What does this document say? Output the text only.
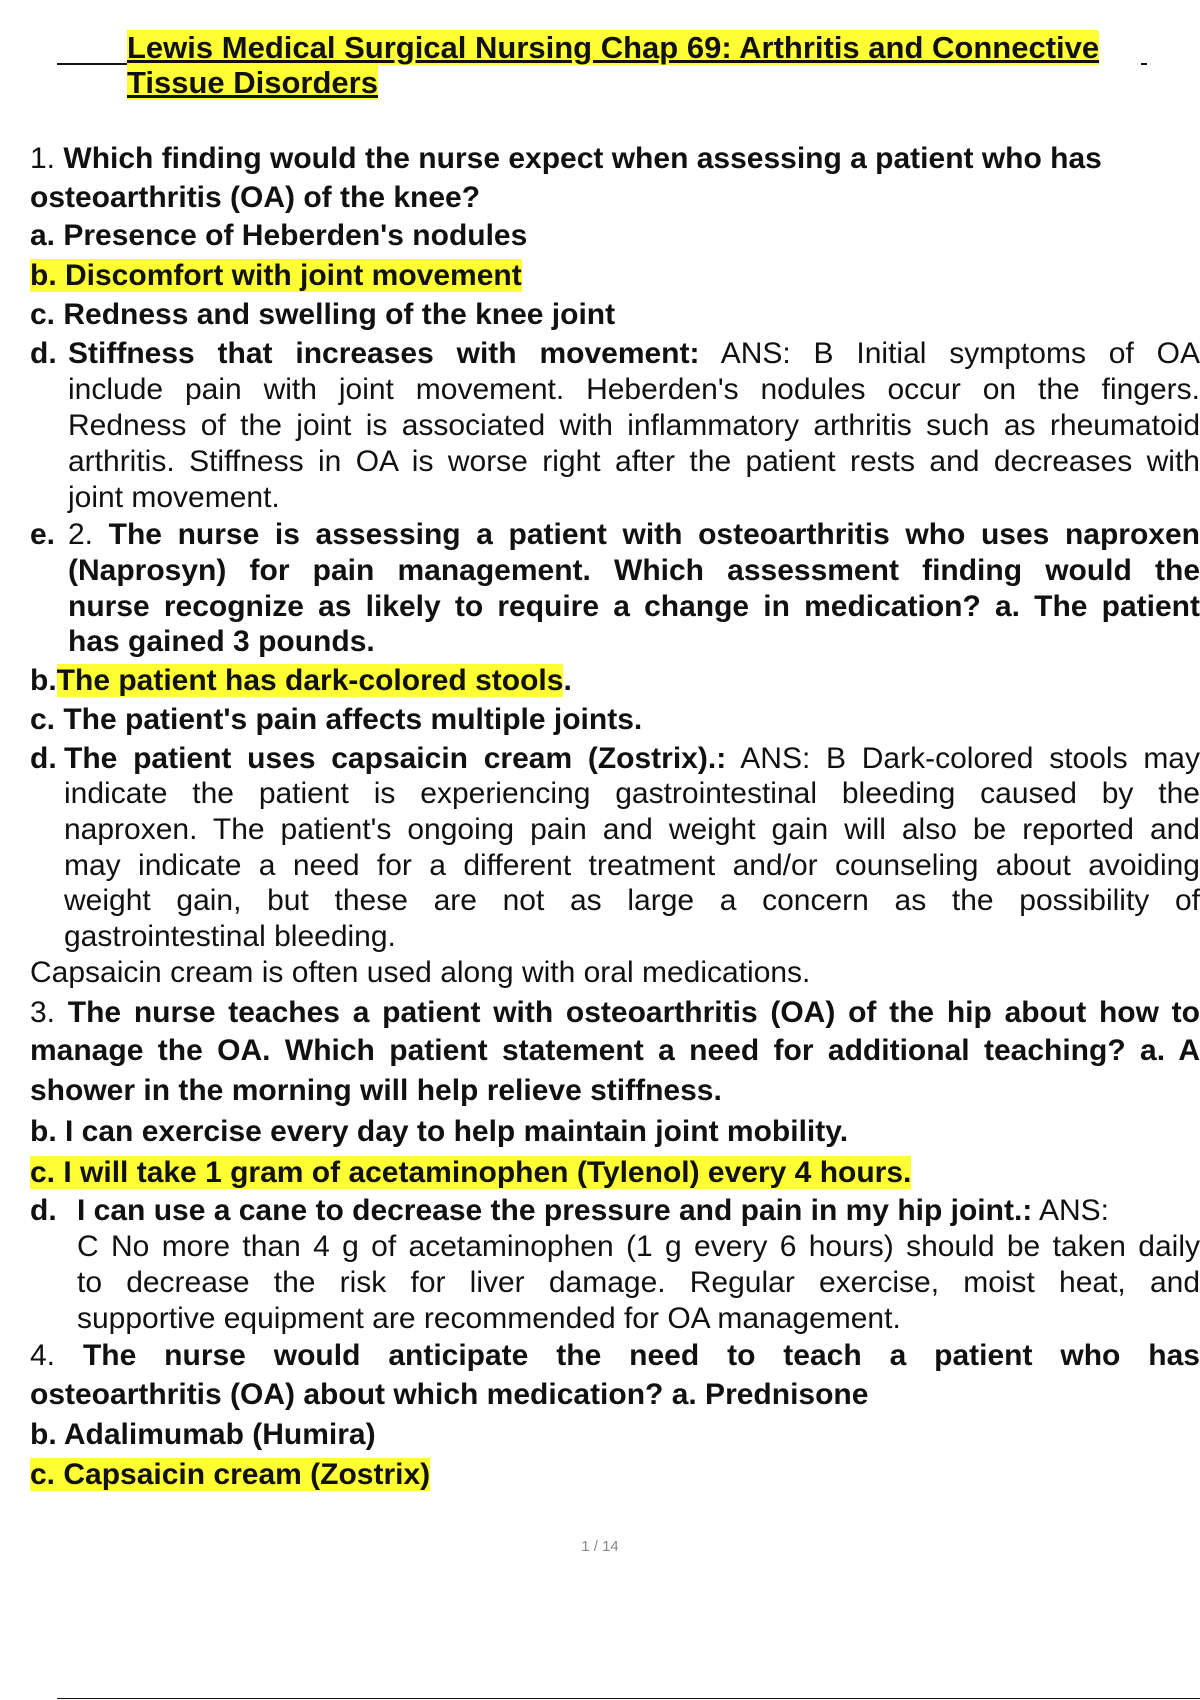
Lewis Medical Surgical Nursing Chap 69: Arthritis and Connective
Tissue Disorders
1. Which finding would the nurse expect when assessing a patient who has
osteoarthritis (OA) of the knee?
a. Presence of Heberden's nodules
b. Discomfort with joint movement
c. Redness and swelling of the knee joint
d. Stiffness that increases with movement: ANS: B Initial symptoms of OA
include pain with joint movement. Heberden's nodules occur on the fingers.
Redness of the joint is associated with inflammatory arthritis such as rheumatoid
arthritis. Stiffness in OA is worse right after the patient rests and decreases with
joint movement.
e. 2. The nurse is assessing a patient with osteoarthritis who uses naproxen
(Naprosyn) for pain management. Which assessment finding would the
nurse recognize as likely to require a change in medication? a. The patient
has gained 3 pounds.
b.The patient has dark-colored stools.
c. The patient's pain affects multiple joints.
d. The patient uses capsaicin cream (Zostrix).: ANS: B Dark-colored stools may
indicate the patient is experiencing gastrointestinal bleeding caused by the
naproxen. The patient's ongoing pain and weight gain will also be reported and
may indicate a need for a different treatment and/or counseling about avoiding
weight gain, but these are not as large a concern as the possibility of
gastrointestinal bleeding.
Capsaicin cream is often used along with oral medications.
3. The nurse teaches a patient with osteoarthritis (OA) of the hip about how to
manage the OA. Which patient statement a need for additional teaching? a. A
shower in the morning will help relieve stiffness.
b. I can exercise every day to help maintain joint mobility.
c. I will take 1 gram of acetaminophen (Tylenol) every 4 hours.
d. I can use a cane to decrease the pressure and pain in my hip joint.: ANS:
C No more than 4 g of acetaminophen (1 g every 6 hours) should be taken daily
to decrease the risk for liver damage. Regular exercise, moist heat, and
supportive equipment are recommended for OA management.
4. The nurse would anticipate the need to teach a patient who has
osteoarthritis (OA) about which medication? a. Prednisone
b. Adalimumab (Humira)
c. Capsaicin cream (Zostrix)
1 / 14
